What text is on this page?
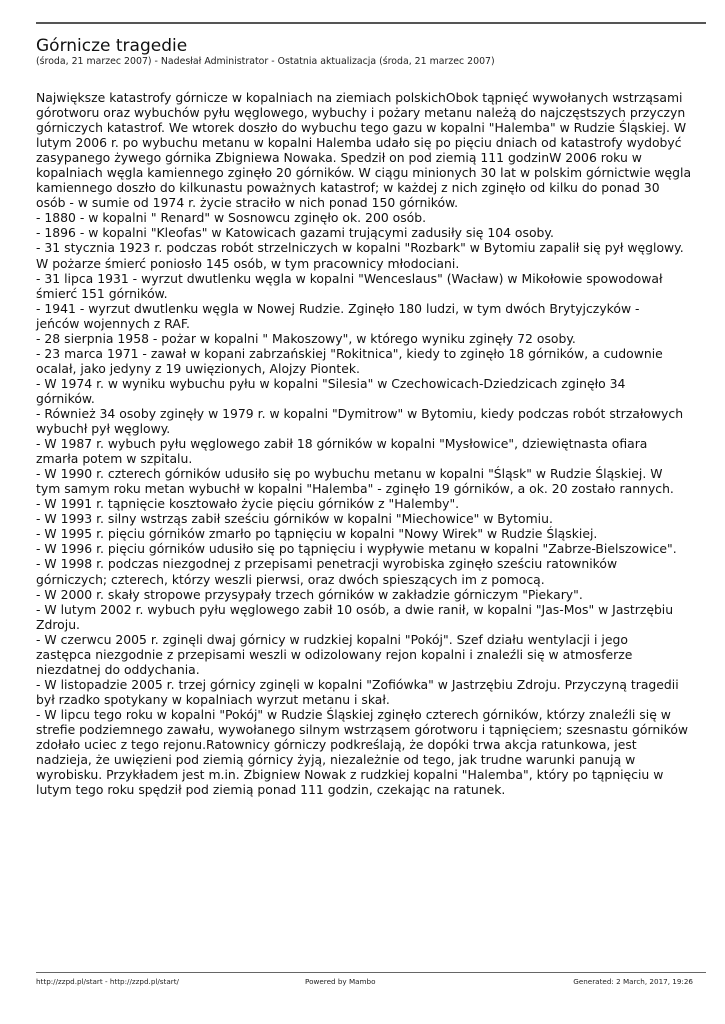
Górnicze tragedie
(środa, 21 marzec 2007) - Nadesłał Administrator - Ostatnia aktualizacja (środa, 21 marzec 2007)
Największe katastrofy górnicze w kopalniach na ziemiach polskichObok tąpnięć wywołanych wstrząsami
górotworu oraz wybuchów pyłu węglowego, wybuchy i pożary metanu należą do najczęstszych przyczyn
górniczych katastrof. We wtorek doszło do wybuchu tego gazu w kopalni "Halemba" w Rudzie Śląskiej. W
lutym 2006 r. po wybuchu metanu w kopalni Halemba udało się po pięciu dniach od katastrofy wydobyć
zasypanego żywego górnika Zbigniewa Nowaka. Spedził on pod ziemią 111 godzinW 2006 roku w
kopalniach węgla kamiennego zginęło 20 górników. W ciągu minionych 30 lat w polskim górnictwie węgla
kamiennego doszło do kilkunastu poważnych katastrof; w każdej z nich zginęło od kilku do ponad 30
osób - w sumie od 1974 r. życie straciło w nich ponad 150 górników.
- 1880 - w kopalni " Renard" w Sosnowcu zginęło ok. 200 osób.
- 1896 - w kopalni "Kleofas" w Katowicach gazami trującymi zadusiły się 104 osoby.
- 31 stycznia 1923 r. podczas robót strzelniczych w kopalni "Rozbark" w Bytomiu zapalił się pył węglowy.
W pożarze śmierć poniosło 145 osób, w tym pracownicy młodociani.
- 31 lipca 1931 - wyrzut dwutlenku węgla w kopalni "Wenceslaus" (Wacław) w Mikołowie spowodował
śmierć 151 górników.
- 1941 - wyrzut dwutlenku węgla w Nowej Rudzie. Zginęło 180 ludzi, w tym dwóch Brytyjczyków -
jeńców wojennych z RAF.
- 28 sierpnia 1958 - pożar w kopalni " Makoszowy", w którego wyniku zginęły 72 osoby.
- 23 marca 1971 - zawał w kopani zabrzańskiej "Rokitnica", kiedy to zginęło 18 górników, a cudownie
ocalał, jako jedyny z 19 uwięzionych, Alojzy Piontek.
- W 1974 r. w wyniku wybuchu pyłu w kopalni "Silesia" w Czechowicach-Dziedzicach zginęło 34
górników.
- Również 34 osoby zginęły w 1979 r. w kopalni "Dymitrow" w Bytomiu, kiedy podczas robót strzałowych
wybuchł pył węglowy.
- W 1987 r. wybuch pyłu węglowego zabił 18 górników w kopalni "Mysłowice", dziewiętnasta ofiara
zmarła potem w szpitalu.
- W 1990 r. czterech górników udusiło się po wybuchu metanu w kopalni "Śląsk" w Rudzie Śląskiej. W
tym samym roku metan wybuchł w kopalni "Halemba" - zginęło 19 górników, a ok. 20 zostało rannych.
- W 1991 r. tąpnięcie kosztowało życie pięciu górników z "Halemby".
- W 1993 r. silny wstrząs zabił sześciu górników w kopalni "Miechowice" w Bytomiu.
- W 1995 r. pięciu górników zmarło po tąpnięciu w kopalni "Nowy Wirek" w Rudzie Śląskiej.
- W 1996 r. pięciu górników udusiło się po tąpnięciu i wypływie metanu w kopalni "Zabrze-Bielszowice".
- W 1998 r. podczas niezgodnej z przepisami penetracji wyrobiska zginęło sześciu ratowników
górniczych; czterech, którzy weszli pierwsi, oraz dwóch spieszących im z pomocą.
- W 2000 r. skały stropowe przysypały trzech górników w zakładzie górniczym "Piekary".
- W lutym 2002 r. wybuch pyłu węglowego zabił 10 osób, a dwie ranił, w kopalni "Jas-Mos" w Jastrzębiu
Zdroju.
- W czerwcu 2005 r. zginęli dwaj górnicy w rudzkiej kopalni "Pokój". Szef działu wentylacji i jego
zastępca niezgodnie z przepisami weszli w odizolowany rejon kopalni i znaleźli się w atmosferze
niezdatnej do oddychania.
- W listopadzie 2005 r. trzej górnicy zginęli w kopalni "Zofiówka" w Jastrzębiu Zdroju. Przyczyną tragedii
był rzadko spotykany w kopalniach wyrzut metanu i skał.
- W lipcu tego roku w kopalni "Pokój" w Rudzie Śląskiej zginęło czterech górników, którzy znaleźli się w
strefie podziemnego zawału, wywołanego silnym wstrząsem górotworu i tąpnięciem; szesnastu górników
zdołało uciec z tego rejonu.Ratownicy górniczy podkreślają, że dopóki trwa akcja ratunkowa, jest
nadzieja, że uwięzieni pod ziemią górnicy żyją, niezależnie od tego, jak trudne warunki panują w
wyrobisku. Przykładem jest m.in. Zbigniew Nowak z rudzkiej kopalni "Halemba", który po tąpnięciu w
lutym tego roku spędził pod ziemią ponad 111 godzin, czekając na ratunek.
http://zzpd.pl/start - http://zzpd.pl/start/	Powered by Mambo	Generated: 2 March, 2017, 19:26
